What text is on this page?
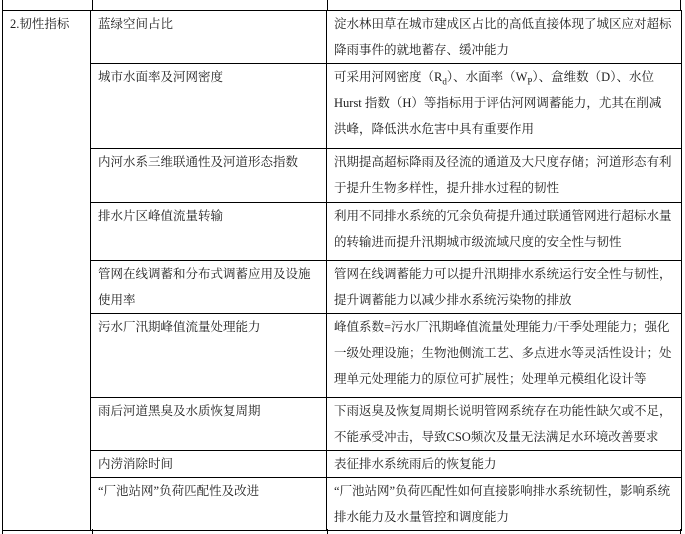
2.韧性指标	蓝绿空间占比	淀水林田草在城市建成区占比的高低直接体现了城区应对超标降雨事件的就地蓄存、缓冲能力
	城市水面率及河网密度	可采用河网密度$(R_d)$、水面率$(W_P)$、盒维数（D）、水位Hurst 指数（H）等指标用于评估河网调蓄能力，尤其在削减洪峰，降低洪水危害中具有重要作用
	内河水系三维联通性及河道形态指数	汛期提高超标降雨及径流的通道及大尺度存储；河道形态有利于提升生物多样性，提升排水过程的韧性
	排水片区峰值流量转输	利用不同排水系统的冗余负荷提升通过联通管网进行超标水量的转输进而提升汛期城市级流域尺度的安全性与韧性
	管网在线调蓄和分布式调蓄应用及设施使用率	管网在线调蓄能力可以提升汛期排水系统运行安全性与韧性，提升调蓄能力以减少排水系统污染物的排放
	污水厂汛期峰值流量处理能力	峰值系数=污水厂汛期峰值流量处理能力/干季处理能力；强化一级处理设施；生物池侧流工艺、多点进水等灵活性设计；处理单元处理能力的原位可扩展性；处理单元模组化设计等
	雨后河道黑臭及水质恢复周期	下雨返臭及恢复周期长说明管网系统存在功能性缺欠或不足，不能承受冲击，导致CSO频次及量无法满足水环境改善要求
	内涝消除时间	表征排水系统雨后的恢复能力
	“厂池站网”负荷匹配性及改进	“厂池站网”负荷匹配性如何直接影响排水系统韧性，影响系统排水能力及水量管控和调度能力
